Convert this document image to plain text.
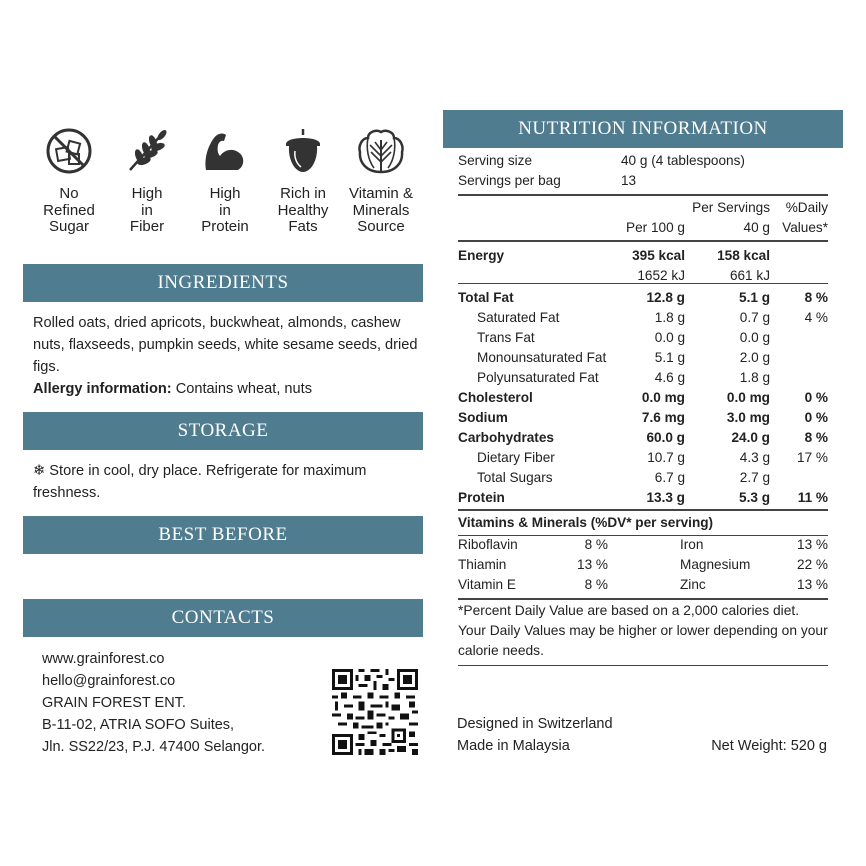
No
Refined
Sugar
High
in
Fiber
High
in
Protein
Rich in
Healthy
Fats
Vitamin &
Minerals
Source
INGREDIENTS
Rolled oats, dried apricots, buckwheat, almonds, cashew nuts, flaxseeds, pumpkin seeds, white sesame seeds, dried figs.
Allergy information: Contains wheat, nuts
STORAGE
❄ Store in cool, dry place. Refrigerate for maximum freshness.
BEST BEFORE
CONTACTS
www.grainforest.co
hello@grainforest.co
GRAIN FOREST ENT.
B-11-02, ATRIA SOFO Suites,
Jln. SS22/23, P.J. 47400 Selangor.
Designed in Switzerland
Made in Malaysia	Net Weight: 520 g
NUTRITION INFORMATION
Serving size	40 g (4 tablespoons)
Servings per bag	13
Per Servings %Daily
Per 100 g	40 g Values*
Energy	395 kcal 158 kcal
1652 kJ	661 kJ
Total Fat	12.8 g	5.1 g	8 %
Saturated Fat	1.8 g	0.7 g	4 %
Trans Fat	0.0 g	0.0 g
Monounsaturated Fat	5.1 g	2.0 g
Polyunsaturated Fat	4.6 g	1.8 g
Cholesterol	0.0 mg	0.0 mg	0 %
Sodium	7.6 mg	3.0 mg	0 %
Carbohydrates	60.0 g	24.0 g	8 %
Dietary Fiber	10.7 g	4.3 g 17 %
Total Sugars	6.7 g	2.7 g
Protein	13.3 g	5.3 g 11 %
Vitamins & Minerals (%DV* per serving)
Riboflavin	8 %	Iron	13 %
Thiamin	13 %	Magnesium	22 %
Vitamin E	8 %	Zinc	13 %
*Percent Daily Value are based on a 2,000 calories diet. Your Daily Values may be higher or lower depending on your calorie needs.
